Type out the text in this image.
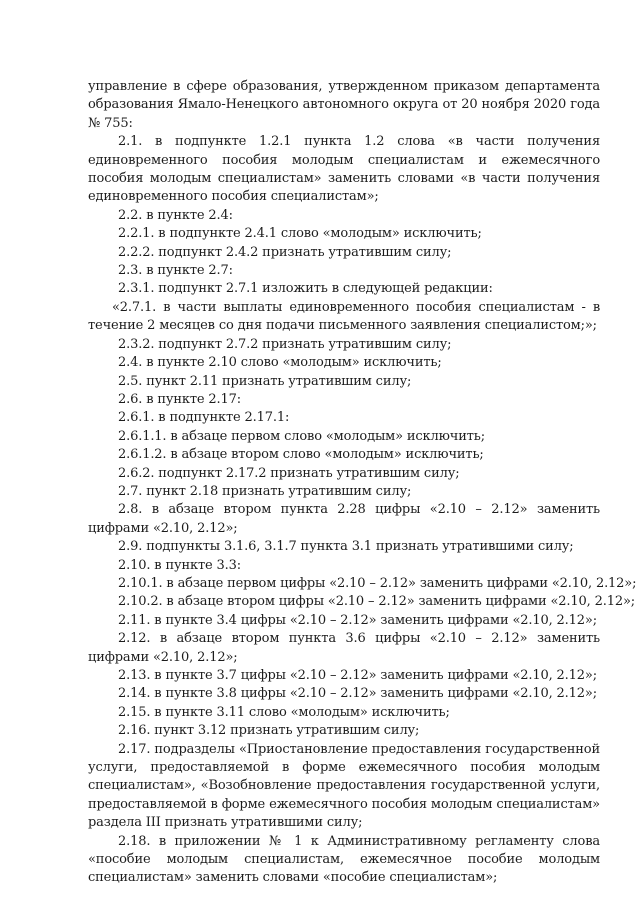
управление в сфере образования, утвержденном приказом департамента образования Ямало-Ненецкого автономного округа от 20 ноября 2020 года № 755:

2.1. в подпункте 1.2.1 пункта 1.2 слова «в части получения единовременного пособия молодым специалистам и ежемесячного пособия молодым специалистам» заменить словами «в части получения единовременного пособия специалистам»;

2.2. в пункте 2.4:

2.2.1. в подпункте 2.4.1 слово «молодым» исключить;

2.2.2. подпункт 2.4.2 признать утратившим силу;

2.3. в пункте 2.7:

2.3.1. подпункт 2.7.1 изложить в следующей редакции:

«2.7.1. в части выплаты единовременного пособия специалистам - в течение 2 месяцев со дня подачи письменного заявления специалистом;»;

2.3.2. подпункт 2.7.2 признать утратившим силу;

2.4. в пункте 2.10 слово «молодым» исключить;

2.5. пункт 2.11 признать утратившим силу;

2.6. в пункте 2.17:

2.6.1. в подпункте 2.17.1:

2.6.1.1. в абзаце первом слово «молодым» исключить;

2.6.1.2. в абзаце втором слово «молодым» исключить;

2.6.2. подпункт 2.17.2 признать утратившим силу;

2.7. пункт 2.18 признать утратившим силу;

2.8. в абзаце втором пункта 2.28 цифры «2.10 – 2.12» заменить цифрами «2.10, 2.12»;

2.9. подпункты 3.1.6, 3.1.7 пункта 3.1 признать утратившими силу;

2.10. в пункте 3.3:

2.10.1. в абзаце первом цифры «2.10 – 2.12» заменить цифрами «2.10, 2.12»;

2.10.2. в абзаце втором цифры «2.10 – 2.12» заменить цифрами «2.10, 2.12»;

2.11. в пункте 3.4 цифры «2.10 – 2.12» заменить цифрами «2.10, 2.12»;

2.12. в абзаце втором пункта 3.6 цифры «2.10 – 2.12» заменить цифрами «2.10, 2.12»;

2.13. в пункте 3.7 цифры «2.10 – 2.12» заменить цифрами «2.10, 2.12»;

2.14. в пункте 3.8 цифры «2.10 – 2.12» заменить цифрами «2.10, 2.12»;

2.15. в пункте 3.11 слово «молодым» исключить;

2.16. пункт 3.12 признать утратившим силу;

2.17. подразделы «Приостановление предоставления государственной услуги, предоставляемой в форме ежемесячного пособия молодым специалистам», «Возобновление предоставления государственной услуги, предоставляемой в форме ежемесячного пособия молодым специалистам» раздела III признать утратившими силу;

2.18. в приложении № 1 к Административному регламенту слова «пособие молодым специалистам, ежемесячное пособие молодым специалистам» заменить словами «пособие специалистам»;
